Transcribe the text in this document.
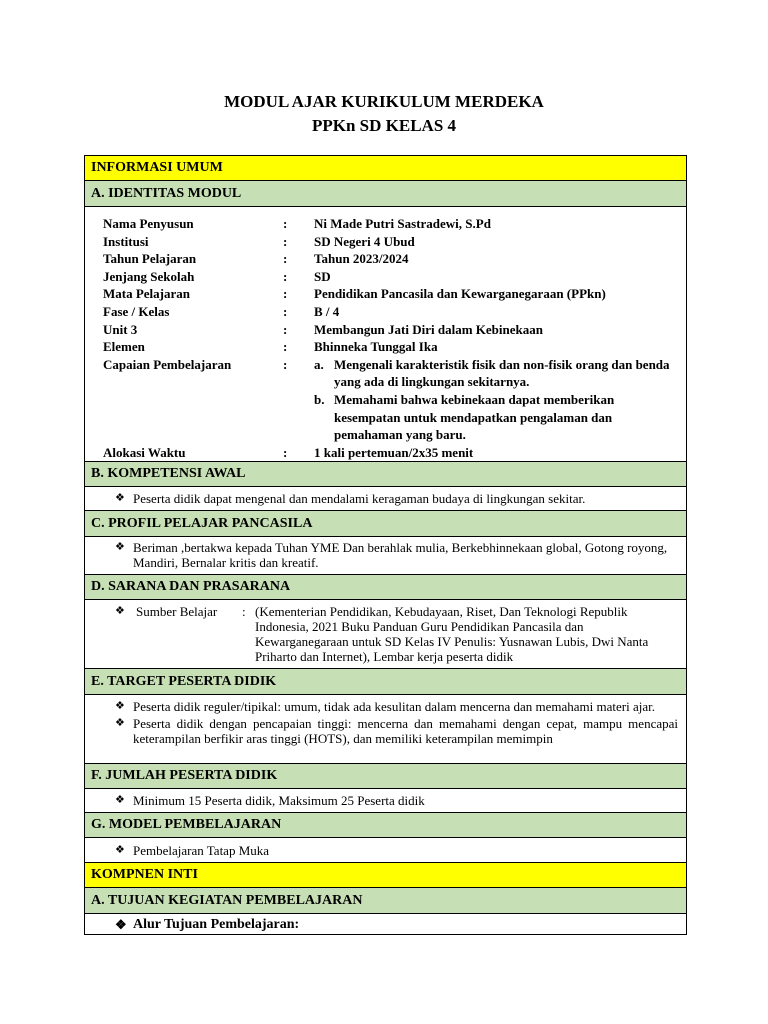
MODUL AJAR KURIKULUM MERDEKA
PPKn SD KELAS 4
INFORMASI UMUM
A. IDENTITAS MODUL
Nama Penyusun	:	Ni Made Putri Sastradewi, S.Pd
Institusi	:	SD Negeri 4 Ubud
Tahun Pelajaran	:	Tahun 2023/2024
Jenjang Sekolah	:	SD
Mata Pelajaran	:	Pendidikan Pancasila dan Kewarganegaraan (PPkn)
Fase / Kelas	:	B / 4
Unit 3	:	Membangun Jati Diri dalam Kebinekaan
Elemen	:	Bhinneka Tunggal Ika
Capaian Pembelajaran	:	a. Mengenali karakteristik fisik dan non-fisik orang dan benda yang ada di lingkungan sekitarnya.
b. Memahami bahwa kebinekaan dapat memberikan kesempatan untuk mendapatkan pengalaman dan pemahaman yang baru.
Alokasi Waktu	:	1 kali pertemuan/2x35 menit
B. KOMPETENSI AWAL
❖ Peserta didik dapat mengenal dan mendalami keragaman budaya di lingkungan sekitar.
C. PROFIL PELAJAR PANCASILA
❖ Beriman ,bertakwa kepada Tuhan YME Dan berahlak mulia, Berkebhinnekaan global, Gotong royong, Mandiri, Bernalar kritis dan kreatif.
D. SARANA DAN PRASARANA
❖ Sumber Belajar	: (Kementerian Pendidikan, Kebudayaan, Riset, Dan Teknologi Republik Indonesia, 2021 Buku Panduan Guru Pendidikan Pancasila dan Kewarganegaraan untuk SD Kelas IV Penulis: Yusnawan Lubis, Dwi Nanta Priharto dan Internet), Lembar kerja peserta didik
E. TARGET PESERTA DIDIK
❖ Peserta didik reguler/tipikal: umum, tidak ada kesulitan dalam mencerna dan memahami materi ajar.
❖ Peserta didik dengan pencapaian tinggi: mencerna dan memahami dengan cepat, mampu mencapai keterampilan berfikir aras tinggi (HOTS), dan memiliki keterampilan memimpin
F. JUMLAH PESERTA DIDIK
❖ Minimum 15 Peserta didik, Maksimum 25 Peserta didik
G. MODEL PEMBELAJARAN
❖ Pembelajaran Tatap Muka
KOMPNEN INTI
A. TUJUAN KEGIATAN PEMBELAJARAN
❖ Alur Tujuan Pembelajaran:
